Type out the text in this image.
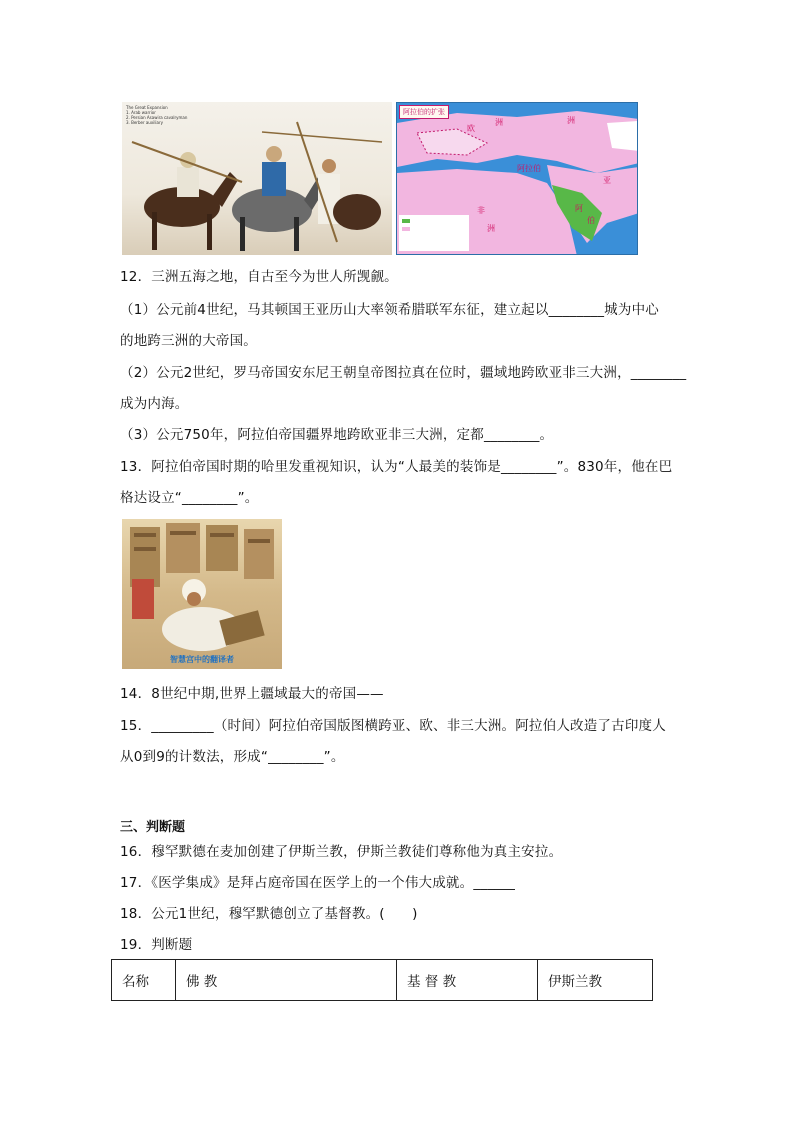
The Great Expansion
1. Arab warrior
2. Persian Asawira cavalryman
3. Berber auxiliary
阿拉伯的扩张
洲
欧
洲
阿拉伯
非
洲
阿
伯
亚
12．三洲五海之地，自古至今为世人所觊觎。
（1）公元前4世纪，马其顿国王亚历山大率领希腊联军东征，建立起以________城为中心
的地跨三洲的大帝国。
（2）公元2世纪，罗马帝国安东尼王朝皇帝图拉真在位时，疆域地跨欧亚非三大洲，________
成为内海。
（3）公元750年，阿拉伯帝国疆界地跨欧亚非三大洲，定都________。
13．阿拉伯帝国时期的哈里发重视知识，认为“人最美的装饰是________”。830年，他在巴
格达设立“________”。
智慧宫中的翻译者
14．8世纪中期,世界上疆域最大的帝国——
15．_________（时间）阿拉伯帝国版图横跨亚、欧、非三大洲。阿拉伯人改造了古印度人
从0到9的计数法，形成“________”。
三、判断题
16．穆罕默德在麦加创建了伊斯兰教，伊斯兰教徒们尊称他为真主安拉。
17．《医学集成》是拜占庭帝国在医学上的一个伟大成就。______
18．公元1世纪，穆罕默德创立了基督教。(　　)
19．判断题
名称	佛 教	基 督 教	伊斯兰教
